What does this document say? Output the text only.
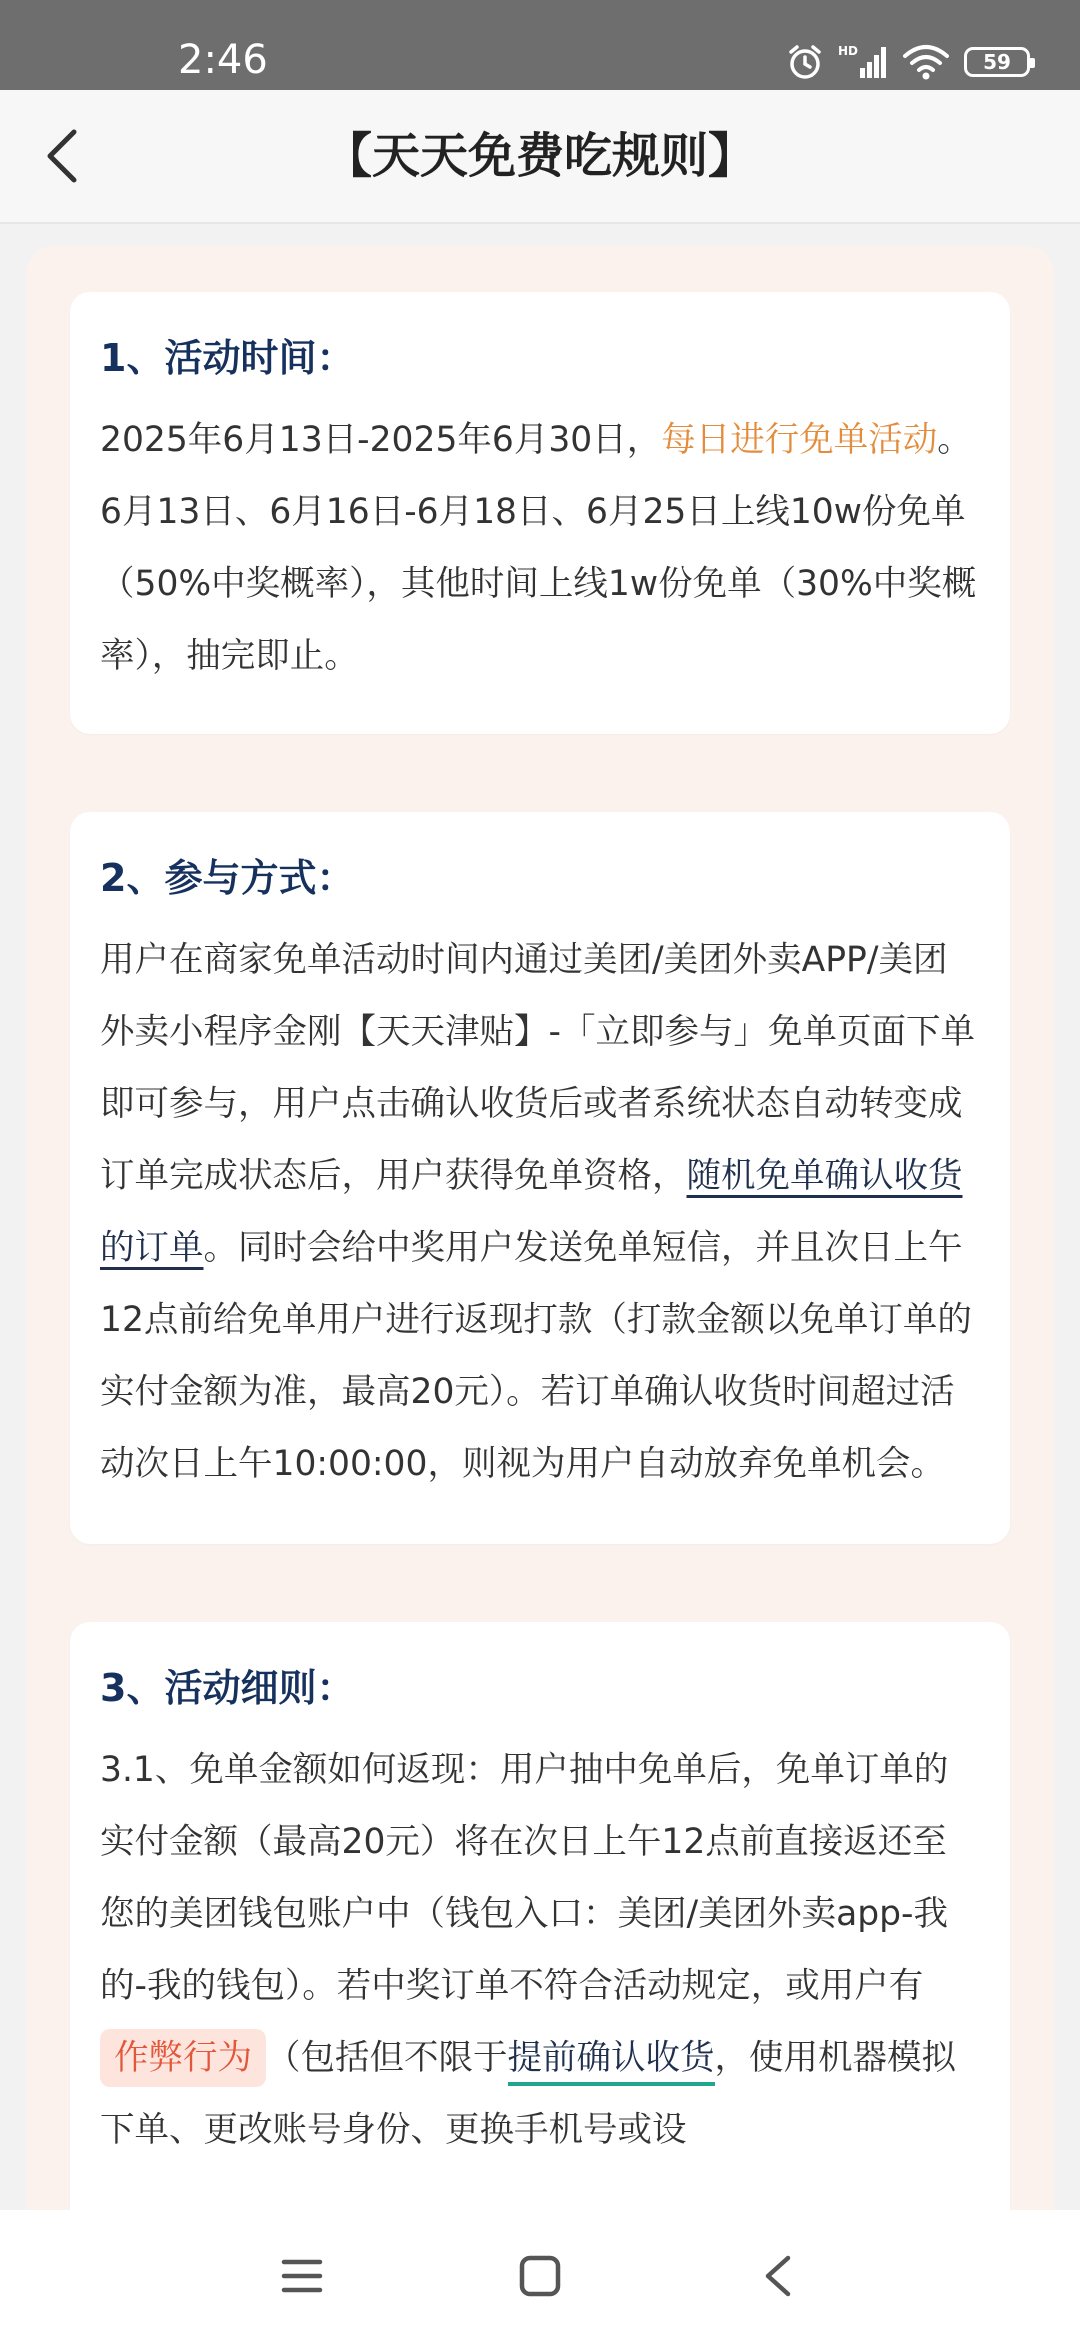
2:46	HD	59
【天天免费吃规则】
1、活动时间：

2025年6月13日-2025年6月30日，每日进行免单活动。6月13日、6月16日-6月18日、6月25日上线10w份免单（50%中奖概率），其他时间上线1w份免单（30%中奖概率），抽完即止。

2、参与方式：

用户在商家免单活动时间内通过美团/美团外卖APP/美团外卖小程序金刚【天天津贴】-「立即参与」免单页面下单即可参与，用户点击确认收货后或者系统状态自动转变成订单完成状态后，用户获得免单资格，随机免单确认收货的订单。同时会给中奖用户发送免单短信，并且次日上午12点前给免单用户进行返现打款（打款金额以免单订单的实付金额为准，最高20元）。若订单确认收货时间超过活动次日上午10:00:00，则视为用户自动放弃免单机会。

3、活动细则：

3.1、免单金额如何返现：用户抽中免单后，免单订单的实付金额（最高20元）将在次日上午12点前直接返还至您的美团钱包账户中（钱包入口：美团/美团外卖app-我的-我的钱包）。若中奖订单不符合活动规定，或用户有作弊行为 （包括但不限于提前确认收货，使用机器模拟下单、更改账号身份、更换手机号或设
